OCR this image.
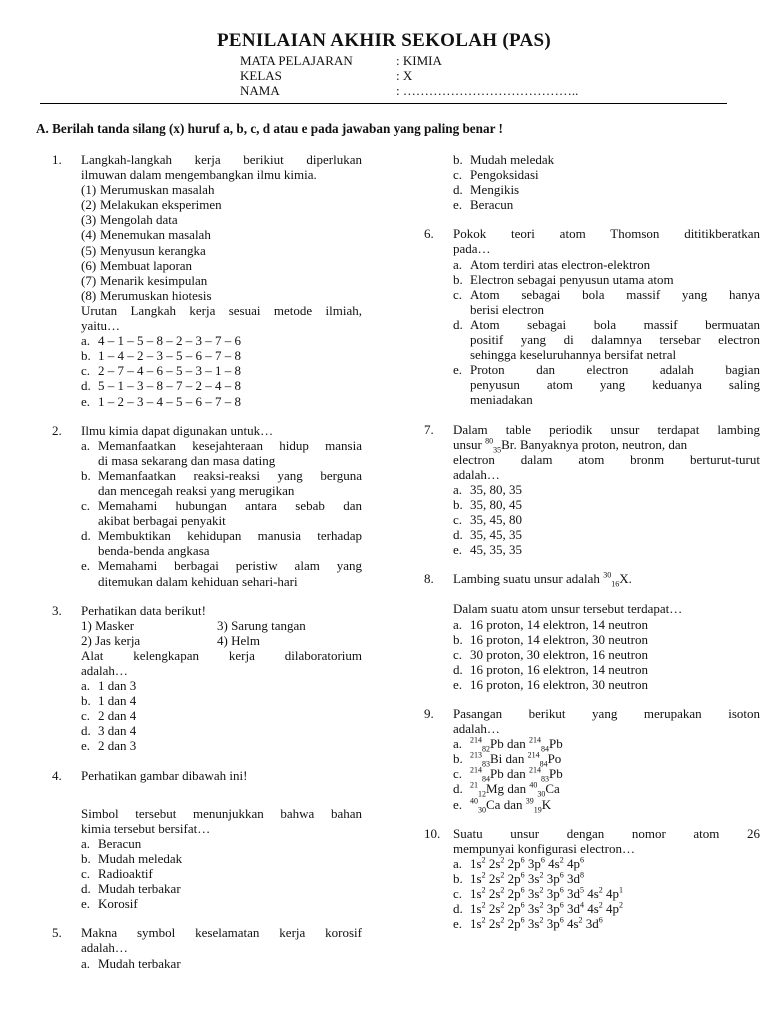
PENILAIAN AKHIR SEKOLAH (PAS)
MATA PELAJARAN	: KIMIA
KELAS	: X
NAMA	: …………………………………..
A. Berilah tanda silang (x) huruf a, b, c, d atau e pada jawaban yang paling benar !
1. Langkah-langkah kerja berikiut diperlukan
ilmuwan dalam mengembangkan ilmu kimia.
(1) Merumuskan masalah
(2) Melakukan eksperimen
(3) Mengolah data
(4) Menemukan masalah
(5) Menyusun kerangka
(6) Membuat laporan
(7) Menarik kesimpulan
(8) Merumuskan hiotesis
Urutan Langkah kerja sesuai metode ilmiah,
yaitu…
a. 4 – 1 – 5 – 8 – 2 – 3 – 7 – 6
b. 1 – 4 – 2 – 3 – 5 – 6 – 7 – 8
c. 2 – 7 – 4 – 6 – 5 – 3 – 1 – 8
d. 5 – 1 – 3 – 8 – 7 – 2 – 4 – 8
e. 1 – 2 – 3 – 4 – 5 – 6 – 7 – 8
2. Ilmu kimia dapat digunakan untuk…
a. Memanfaatkan kesejahteraan hidup mansia
di masa sekarang dan masa dating
b. Memanfaatkan reaksi-reaksi yang berguna
dan mencegah reaksi yang merugikan
c. Memahami hubungan antara sebab dan
akibat berbagai penyakit
d. Membuktikan kehidupan manusia terhadap
benda-benda angkasa
e. Memahami berbagai peristiw alam yang
ditemukan dalam kehiduan sehari-hari
3. Perhatikan data berikut!
1) Masker	3) Sarung tangan
2) Jas kerja	4) Helm
Alat kelengkapan kerja dilaboratorium
adalah…
a. 1 dan 3
b. 1 dan 4
c. 2 dan 4
d. 3 dan 4
e. 2 dan 3
4. Perhatikan gambar dibawah ini!
Simbol tersebut menunjukkan bahwa bahan
kimia tersebut bersifat…
a. Beracun
b. Mudah meledak
c. Radioaktif
d. Mudah terbakar
e. Korosif
5. Makna symbol keselamatan kerja korosif
adalah…
a. Mudah terbakar
b. Mudah meledak
c. Pengoksidasi
d. Mengikis
e. Beracun
6. Pokok teori atom Thomson dititikberatkan
pada…
a. Atom terdiri atas electron-elektron
b. Electron sebagai penyusun utama atom
c. Atom sebagai bola massif yang hanya
berisi electron
d. Atom sebagai bola massif bermuatan
positif yang di dalamnya tersebar electron
sehingga keseluruhannya bersifat netral
e. Proton dan electron adalah bagian
penyusun atom yang keduanya saling
meniadakan
7. Dalam table periodik unsur terdapat lambing
unsur $^{80}_{35}$Br. Banyaknya proton, neutron, dan
electron dalam atom bronm berturut-turut
adalah…
a. 35, 80, 35
b. 35, 80, 45
c. 35, 45, 80
d. 35, 45, 35
e. 45, 35, 35
8. Lambing suatu unsur adalah $^{30}_{16}$X.
Dalam suatu atom unsur tersebut terdapat…
a. 16 proton, 14 elektron, 14 neutron
b. 16 proton, 14 elektron, 30 neutron
c. 30 proton, 30 elektron, 16 neutron
d. 16 proton, 16 elektron, 14 neutron
e. 16 proton, 16 elektron, 30 neutron
9. Pasangan berikut yang merupakan isoton
adalah…
a. $^{214}_{82}$Pb dan $^{214}_{84}$Pb
b. $^{213}_{83}$Bi dan $^{214}_{84}$Po
c. $^{214}_{84}$Pb dan $^{214}_{83}$Pb
d. $^{21}_{12}$Mg dan $^{40}_{30}$Ca
e. $^{40}_{30}$Ca dan $^{39}_{19}$K
10. Suatu unsur dengan nomor atom 26
mempunyai konfigurasi electron…
a. $1s^2$ $2s^2$ $2p^6$ $3p^6$ $4s^2$ $4p^6$
b. $1s^2$ $2s^2$ $2p^6$ $3s^2$ $3p^6$ $3d^8$
c. $1s^2$ $2s^2$ $2p^6$ $3s^2$ $3p^6$ $3d^5$ $4s^2$ $4p^1$
d. $1s^2$ $2s^2$ $2p^6$ $3s^2$ $3p^6$ $3d^4$ $4s^2$ $4p^2$
e. $1s^2$ $2s^2$ $2p^6$ $3s^2$ $3p^6$ $4s^2$ $3d^6$
